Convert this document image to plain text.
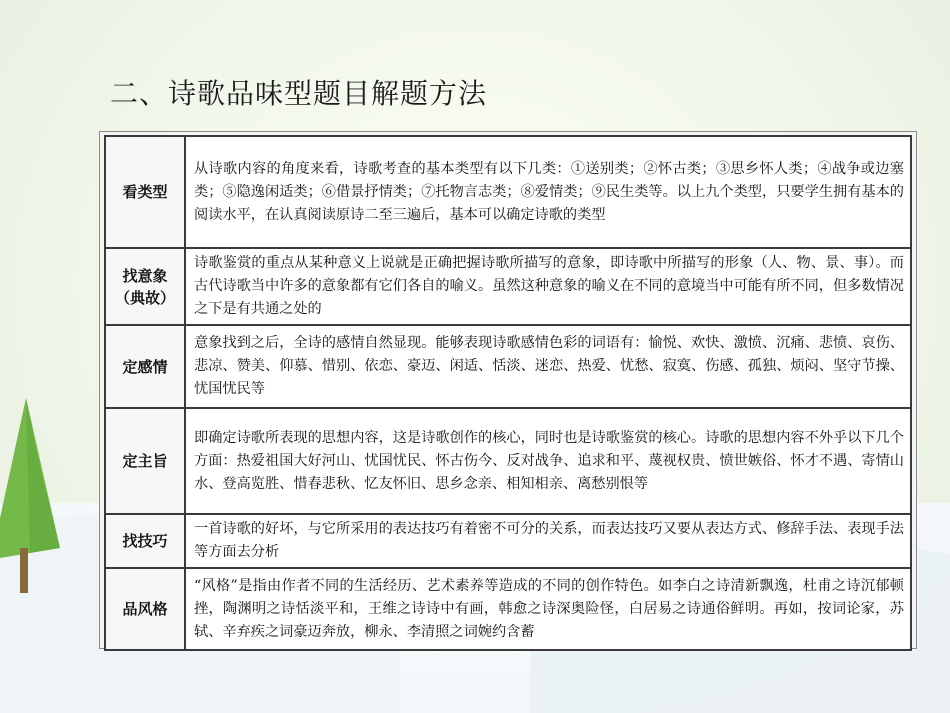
二、诗歌品味型题目解题方法
看类型	从诗歌内容的角度来看，诗歌考查的基本类型有以下几类：①送别类；②怀古类；③思乡怀人类；④战争或边塞类；⑤隐逸闲适类；⑥借景抒情类；⑦托物言志类；⑧爱情类；⑨民生类等。以上九个类型，只要学生拥有基本的阅读水平，在认真阅读原诗二至三遍后，基本可以确定诗歌的类型

找意象
（典故）	诗歌鉴赏的重点从某种意义上说就是正确把握诗歌所描写的意象，即诗歌中所描写的形象（人、物、景、事）。而古代诗歌当中许多的意象都有它们各自的喻义。虽然这种意象的喻义在不同的意境当中可能有所不同，但多数情况之下是有共通之处的

定感情	意象找到之后，全诗的感情自然显现。能够表现诗歌感情色彩的词语有：愉悦、欢快、激愤、沉痛、悲愤、哀伤、悲凉、赞美、仰慕、惜别、依恋、豪迈、闲适、恬淡、迷恋、热爱、忧愁、寂寞、伤感、孤独、烦闷、坚守节操、忧国忧民等

定主旨	即确定诗歌所表现的思想内容，这是诗歌创作的核心，同时也是诗歌鉴赏的核心。诗歌的思想内容不外乎以下几个方面：热爱祖国大好河山、忧国忧民、怀古伤今、反对战争、追求和平、蔑视权贵、愤世嫉俗、怀才不遇、寄情山水、登高览胜、惜春悲秋、忆友怀旧、思乡念亲、相知相亲、离愁别恨等

找技巧	一首诗歌的好坏，与它所采用的表达技巧有着密不可分的关系，而表达技巧又要从表达方式、修辞手法、表现手法等方面去分析

品风格	“风格”是指由作者不同的生活经历、艺术素养等造成的不同的创作特色。如李白之诗清新飘逸，杜甫之诗沉郁顿挫，陶渊明之诗恬淡平和，王维之诗诗中有画，韩愈之诗深奥险怪，白居易之诗通俗鲜明。再如，按词论家，苏轼、辛弃疾之词豪迈奔放，柳永、李清照之词婉约含蓄
